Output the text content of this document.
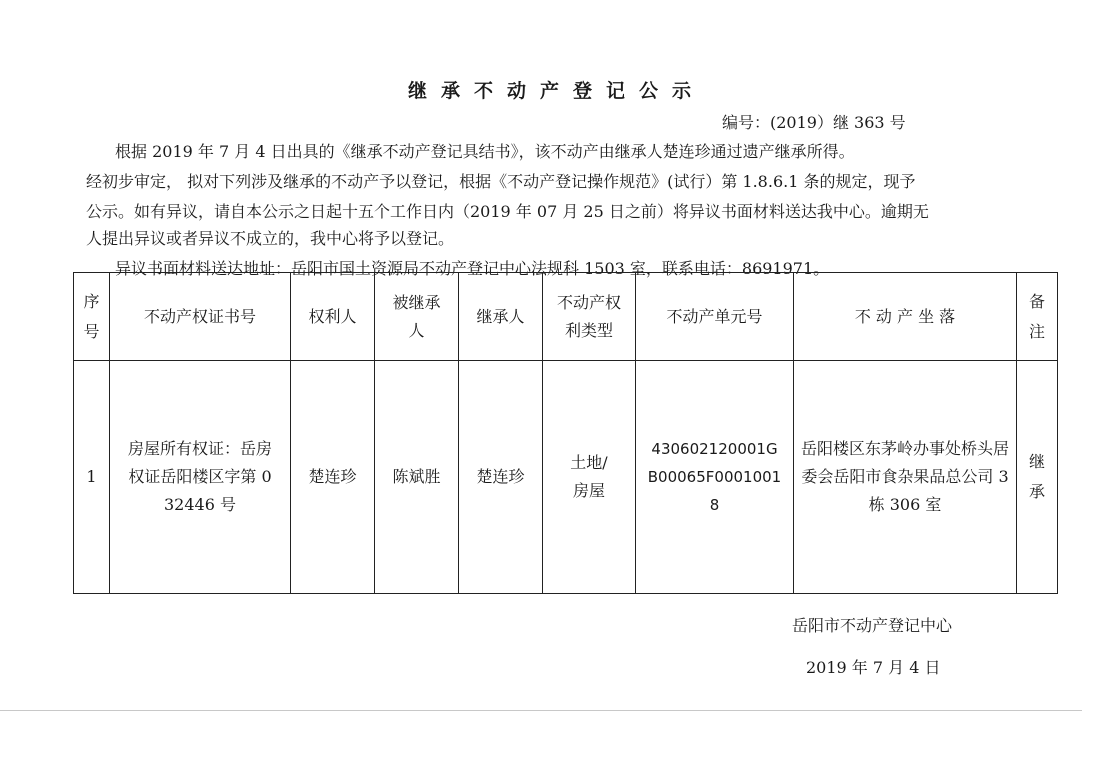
继承不动产登记公示
编号：(2019）继 363 号
根据 2019 年 7 月 4 日出具的《继承不动产登记具结书》，该不动产由继承人楚连珍通过遗产继承所得。
经初步审定， 拟对下列涉及继承的不动产予以登记，根据《不动产登记操作规范》(试行）第 1.8.6.1 条的规定，现予
公示。如有异议，请自本公示之日起十五个工作日内（2019 年 07 月 25 日之前）将异议书面材料送达我中心。逾期无
人提出异议或者异议不成立的，我中心将予以登记。
异议书面材料送达地址：岳阳市国土资源局不动产登记中心法规科 1503 室，联系电话：8691971。
序号	不动产权证书号	权利人	被继承人	继承人	不动产权利类型	不动产单元号	不 动 产 坐 落	备注
1	房屋所有权证：岳房权证岳阳楼区字第 032446 号	楚连珍	陈斌胜	楚连珍	土地/房屋	430602120001GB00065F00010018	岳阳楼区东茅岭办事处桥头居委会岳阳市食杂果品总公司 3 栋 306 室	继承
岳阳市不动产登记中心
2019 年 7 月 4 日
